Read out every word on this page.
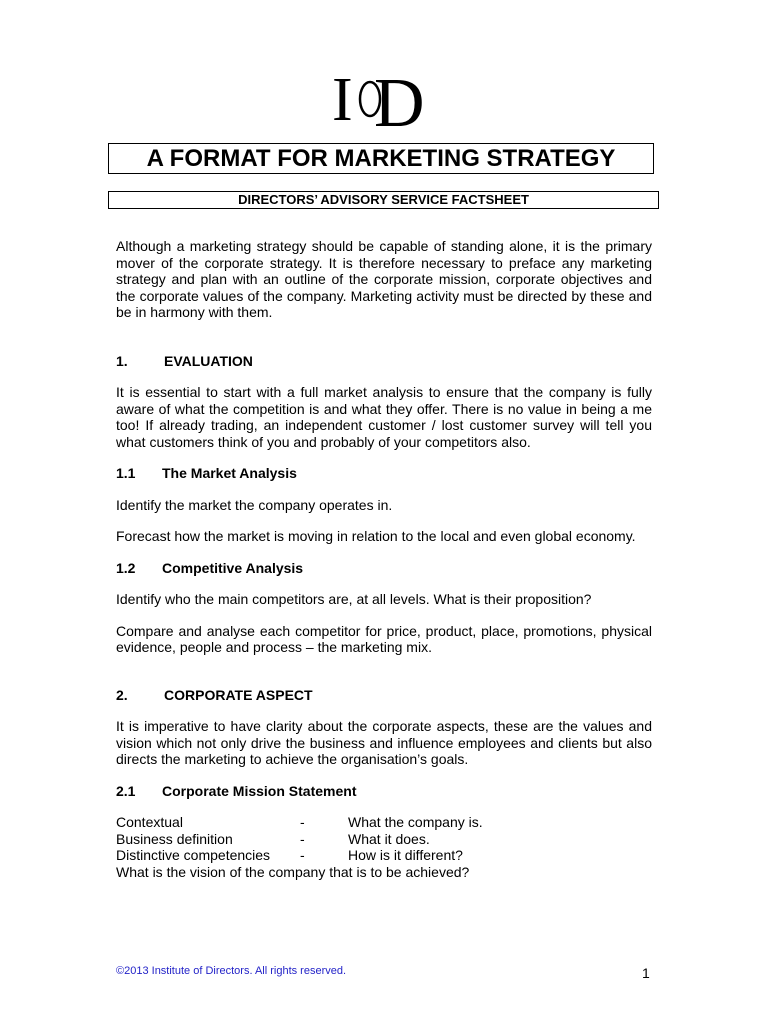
I D
A FORMAT FOR MARKETING STRATEGY
DIRECTORS’ ADVISORY SERVICE FACTSHEET

Although a marketing strategy should be capable of standing alone, it is the primary mover of the corporate strategy. It is therefore necessary to preface any marketing strategy and plan with an outline of the corporate mission, corporate objectives and the corporate values of the company. Marketing activity must be directed by these and be in harmony with them.

1.	EVALUATION

It is essential to start with a full market analysis to ensure that the company is fully aware of what the competition is and what they offer. There is no value in being a me too! If already trading, an independent customer / lost customer survey will tell you what customers think of you and probably of your competitors also.

1.1	The Market Analysis

Identify the market the company operates in.

Forecast how the market is moving in relation to the local and even global economy.

1.2	Competitive Analysis

Identify who the main competitors are, at all levels. What is their proposition?

Compare and analyse each competitor for price, product, place, promotions, physical evidence, people and process – the marketing mix.

2.	CORPORATE ASPECT

It is imperative to have clarity about the corporate aspects, these are the values and vision which not only drive the business and influence employees and clients but also directs the marketing to achieve the organisation’s goals.

2.1	Corporate Mission Statement
Contextual	-	What the company is.
Business definition	-	What it does.
Distinctive competencies	-	How is it different?
What is the vision of the company that is to be achieved?
©2013 Institute of Directors. All rights reserved.	1
